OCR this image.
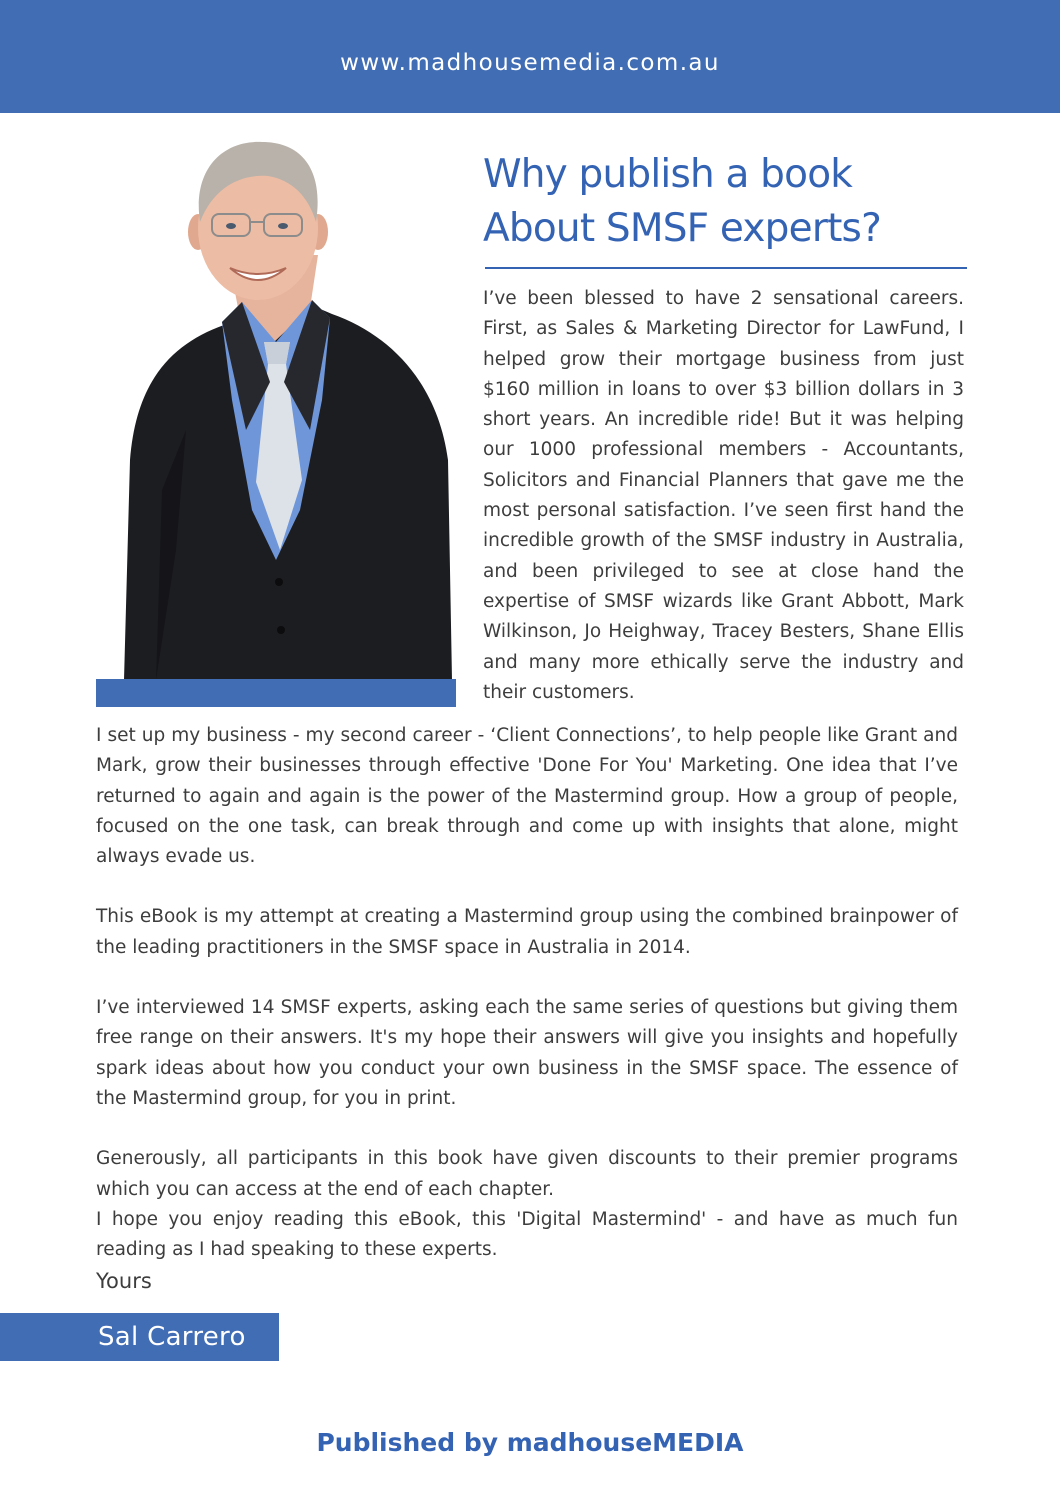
www.madhousemedia.com.au
Why publish a book
About SMSF experts?

I’ve been blessed to have 2 sensational careers. First, as Sales & Marketing Director for LawFund, I helped grow their mortgage business from just $160 million in loans to over $3 billion dollars in 3 short years. An incredible ride! But it was helping our 1000 professional members - Accountants, Solicitors and Financial Planners that gave me the most personal satisfaction. I’ve seen first hand the incredible growth of the SMSF industry in Australia, and been privileged to see at close hand the expertise of SMSF wizards like Grant Abbott, Mark Wilkinson, Jo Heighway, Tracey Besters, Shane Ellis and many more ethically serve the industry and their customers.

I set up my business - my second career - ‘Client Connections’, to help people like Grant and Mark, grow their businesses through effective 'Done For You' Marketing. One idea that I’ve returned to again and again is the power of the Mastermind group. How a group of people, focused on the one task, can break through and come up with insights that alone, might always evade us.

This eBook is my attempt at creating a Mastermind group using the combined brainpower of the leading practitioners in the SMSF space in Australia in 2014.

I’ve interviewed 14 SMSF experts, asking each the same series of questions but giving them free range on their answers. It's my hope their answers will give you insights and hopefully spark ideas about how you conduct your own business in the SMSF space. The essence of the Mastermind group, for you in print.

Generously, all participants in this book have given discounts to their premier programs which you can access at the end of each chapter.

I hope you enjoy reading this eBook, this 'Digital Mastermind' - and have as much fun reading as I had speaking to these experts.

Yours
Sal Carrero
Published by madhouseMEDIA
